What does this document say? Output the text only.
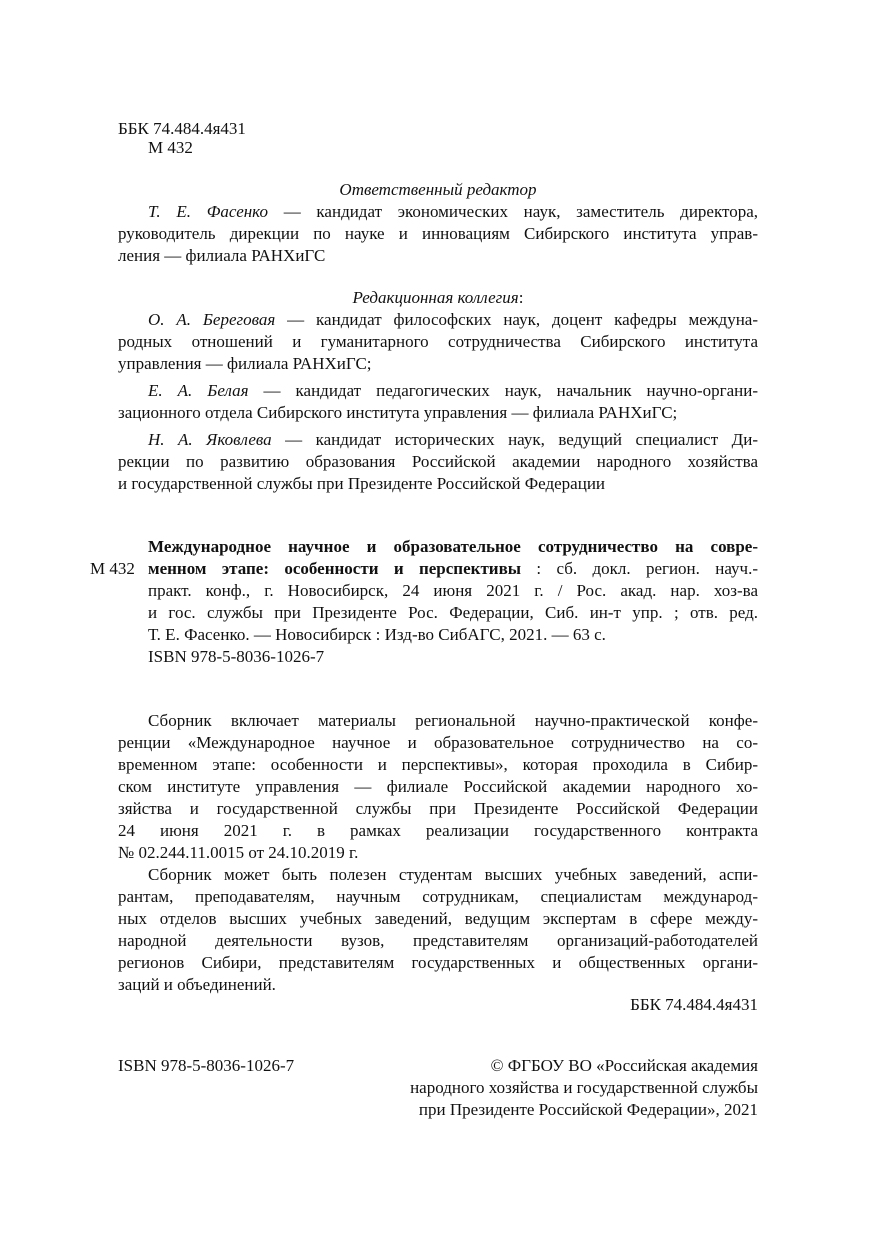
ББК 74.484.4я431
М 432
Ответственный редактор
Т. Е. Фасенко — кандидат экономических наук, заместитель директора,
руководитель дирекции по науке и инновациям Сибирского института управ-
ления — филиала РАНХиГС
Редакционная коллегия:
О. А. Береговая — кандидат философских наук, доцент кафедры междуна-
родных отношений и гуманитарного сотрудничества Сибирского института
управления — филиала РАНХиГС;
Е. А. Белая — кандидат педагогических наук, начальник научно-органи-
зационного отдела Сибирского института управления — филиала РАНХиГС;
Н. А. Яковлева — кандидат исторических наук, ведущий специалист Ди-
рекции по развитию образования Российской академии народного хозяйства
и государственной службы при Президенте Российской Федерации
Международное научное и образовательное сотрудничество на совре-
М 432 менном этапе: особенности и перспективы : сб. докл. регион. науч.-
практ. конф., г. Новосибирск, 24 июня 2021 г. / Рос. акад. нар. хоз-ва
и гос. службы при Президенте Рос. Федерации, Сиб. ин-т упр. ; отв. ред.
Т. Е. Фасенко. — Новосибирск : Изд-во СибАГС, 2021. — 63 с.
ISBN 978-5-8036-1026-7
Сборник включает материалы региональной научно-практической конфе-
ренции «Международное научное и образовательное сотрудничество на со-
временном этапе: особенности и перспективы», которая проходила в Сибир-
ском институте управления — филиале Российской академии народного хо-
зяйства и государственной службы при Президенте Российской Федерации
24 июня 2021 г. в рамках реализации государственного контракта
№ 02.244.11.0015 от 24.10.2019 г.
Сборник может быть полезен студентам высших учебных заведений, аспи-
рантам, преподавателям, научным сотрудникам, специалистам международ-
ных отделов высших учебных заведений, ведущим экспертам в сфере между-
народной деятельности вузов, представителям организаций-работодателей
регионов Сибири, представителям государственных и общественных органи-
заций и объединений.
ББК 74.484.4я431
ISBN 978-5-8036-1026-7	© ФГБОУ ВО «Российская академия
народного хозяйства и государственной службы
при Президенте Российской Федерации», 2021
